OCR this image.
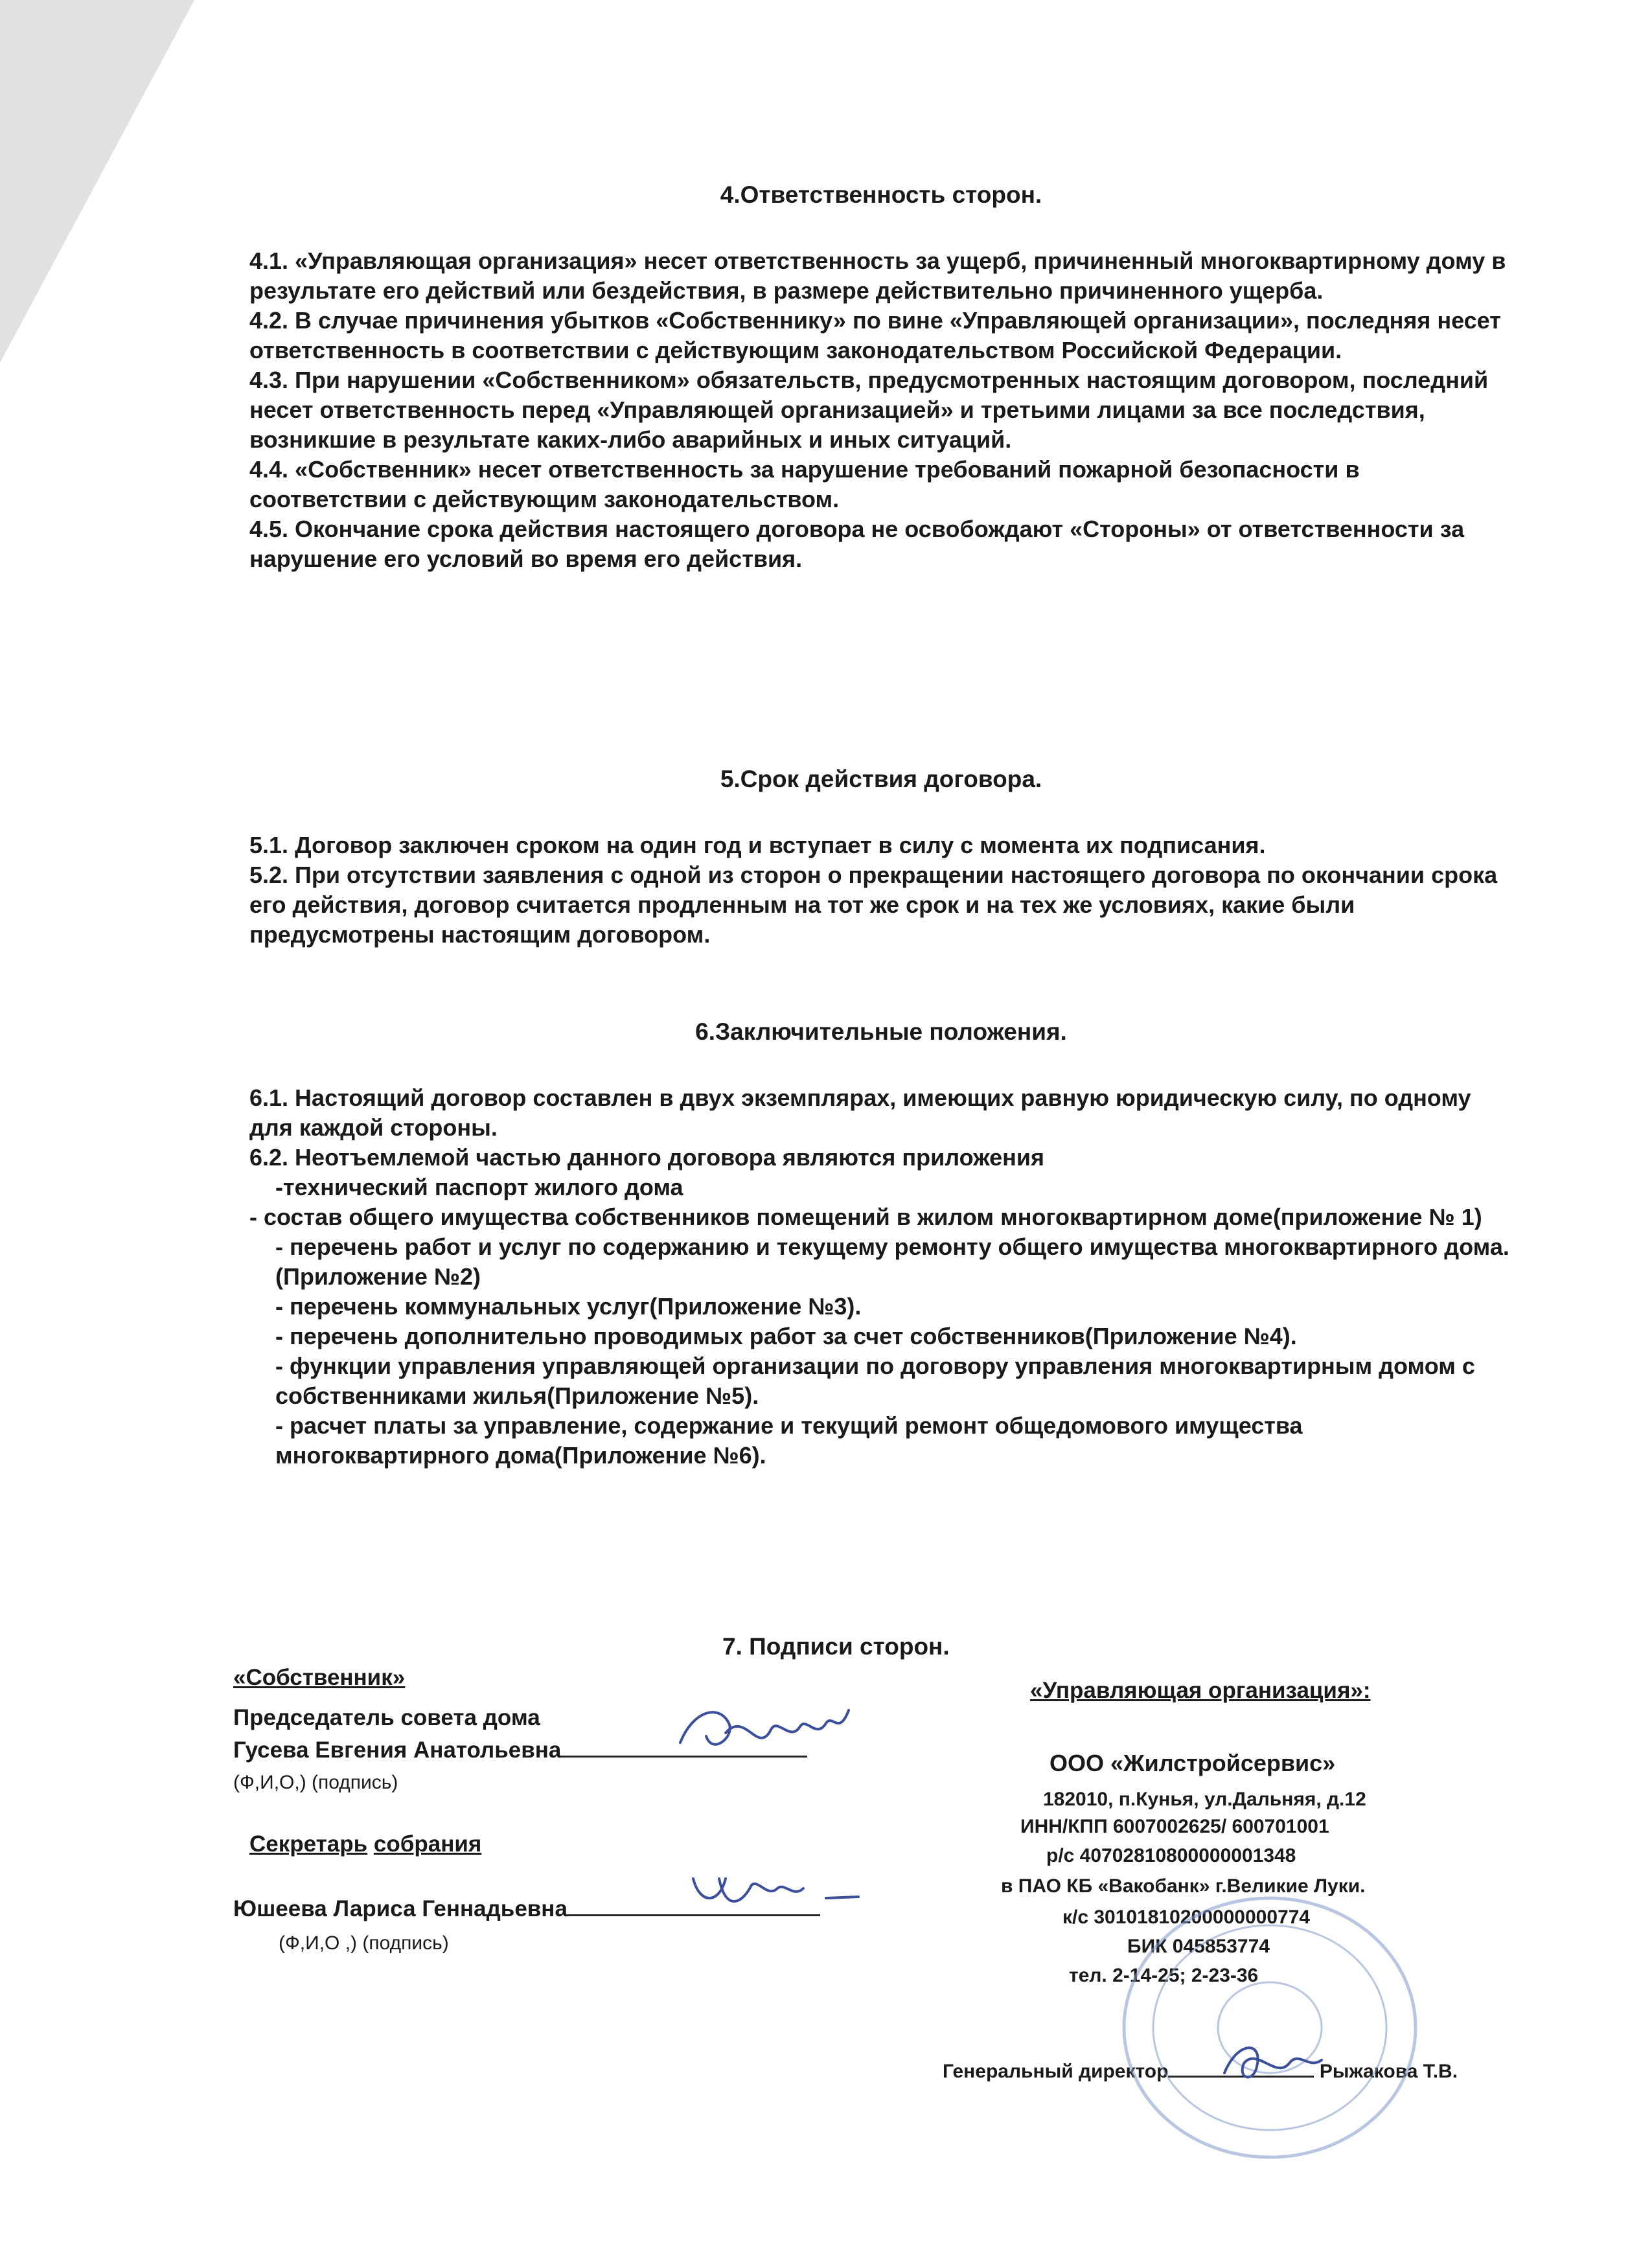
4.Ответственность сторон.

4.1. «Управляющая организация» несет ответственность за ущерб, причиненный многоквартирному дому в результате его действий или бездействия, в размере действительно причиненного ущерба.

4.2. В случае причинения убытков «Собственнику» по вине «Управляющей организации», последняя несет ответственность в соответствии с действующим законодательством Российской Федерации.

4.3. При нарушении «Собственником» обязательств, предусмотренных настоящим договором, последний несет ответственность перед «Управляющей организацией» и третьими лицами за все последствия, возникшие в результате каких-либо аварийных и иных ситуаций.

4.4. «Собственник» несет ответственность за нарушение требований пожарной безопасности в соответствии с действующим законодательством.

4.5. Окончание срока действия настоящего договора не освобождают «Стороны» от ответственности за нарушение его условий во время его действия.

5.Срок действия договора.

5.1. Договор заключен сроком на один год и вступает в силу с момента их подписания.

5.2. При отсутствии заявления с одной из сторон о прекращении настоящего договора по окончании срока его действия, договор считается продленным на тот же срок и на тех же условиях, какие были предусмотрены настоящим договором.

6.Заключительные положения.

6.1. Настоящий договор составлен в двух экземплярах, имеющих равную юридическую силу, по одному для каждой стороны.

6.2. Неотъемлемой частью данного договора являются приложения

-технический паспорт жилого дома

- состав общего имущества собственников помещений в жилом многоквартирном доме(приложение № 1)

- перечень работ и услуг по содержанию и текущему ремонту общего имущества многоквартирного дома.(Приложение №2)

- перечень коммунальных услуг(Приложение №3).

- перечень дополнительно проводимых работ за счет собственников(Приложение №4).

- функции управления управляющей организации по договору управления многоквартирным домом с собственниками жилья(Приложение №5).

- расчет платы за управление, содержание и текущий ремонт общедомового имущества многоквартирного дома(Приложение №6).

7. Подписи сторон.
«Собственник»
Председатель совета дома
Гусева Евгения Анатольевна
(Ф,И,О,) (подпись)
Секретарь собрания
Юшеева Лариса Геннадьевна
(Ф,И,О ,) (подпись)
«Управляющая организация»:
ООО «Жилстройсервис»
182010, п.Кунья, ул.Дальняя, д.12
ИНН/КПП 6007002625/ 600701001
р/с 40702810800000001348
в ПАО КБ «Вакобанк» г.Великие Луки.
к/с 30101810200000000774
БИК 045853774
тел. 2-14-25; 2-23-36
Генеральный директор	Рыжакова Т.В.
